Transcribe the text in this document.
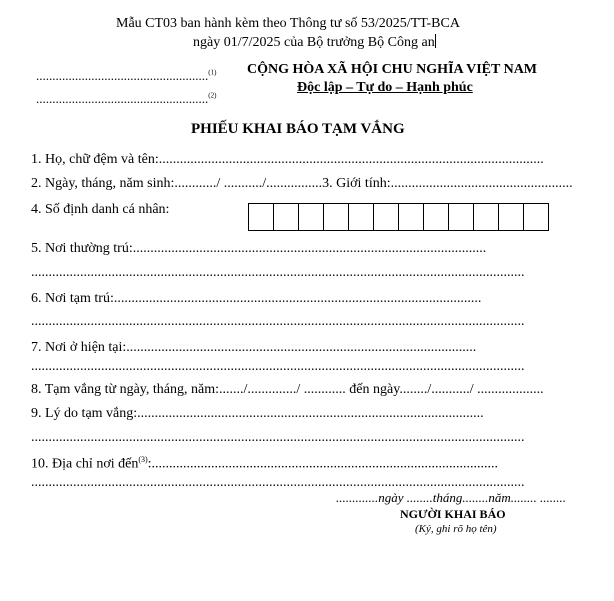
Mẫu CT03 ban hành kèm theo Thông tư số 53/2025/TT-BCA
ngày 01/7/2025 của Bộ trưởng Bộ Công an
.....................................................$^{(1)}$
.....................................................$^{(2)}$
CỘNG HÒA XÃ HỘI CHU NGHĨA VIỆT NAM
Độc lập – Tự do – Hạnh phúc
PHIẾU KHAI BÁO TẠM VẮNG
1. Họ, chữ đệm và tên:..............................................................................................................
2. Ngày, tháng, năm sinh:............/ .........../................3. Giới tính:....................................................
4. Số định danh cá nhân:
5. Nơi thường trú:.....................................................................................................
.............................................................................................................................................
6. Nơi tạm trú:.........................................................................................................
.............................................................................................................................................
7. Nơi ở hiện tại:....................................................................................................
.............................................................................................................................................
8. Tạm vắng từ ngày, tháng, năm:......./............../ ............ đến ngày......../.........../ ...................
9. Lý do tạm vắng:...................................................................................................
.............................................................................................................................................
10. Địa chỉ nơi đến$^{(3)}$:...................................................................................................
.............................................................................................................................................
.............ngày ........tháng........năm........ ........
NGƯỜI KHAI BÁO
(Ký, ghi rõ họ tên)
